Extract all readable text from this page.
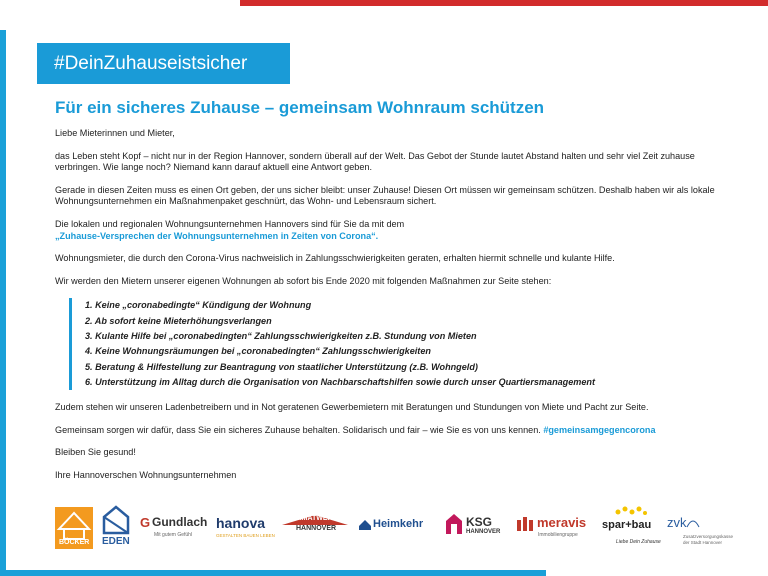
#DeinZuhauseistsicher
Für ein sicheres Zuhause – gemeinsam Wohnraum schützen

Liebe Mieterinnen und Mieter,

das Leben steht Kopf – nicht nur in der Region Hannover, sondern überall auf der Welt. Das Gebot der Stunde lautet Abstand halten und sehr viel Zeit zuhause verbringen. Wie lange noch? Niemand kann darauf aktuell eine Antwort geben.

Gerade in diesen Zeiten muss es einen Ort geben, der uns sicher bleibt: unser Zuhause! Diesen Ort müssen wir gemeinsam schützen. Deshalb haben wir als lokale Wohnungsunternehmen ein Maßnahmenpaket geschnürt, das Wohn- und Lebensraum sichert.

Die lokalen und regionalen Wohnungsunternehmen Hannovers sind für Sie da mit dem
„Zuhause-Versprechen der Wohnungsunternehmen in Zeiten von Corona“.

Wohnungsmieter, die durch den Corona-Virus nachweislich in Zahlungsschwierigkeiten geraten, erhalten hiermit schnelle und kulante Hilfe.

Wir werden den Mietern unserer eigenen Wohnungen ab sofort bis Ende 2020 mit folgenden Maßnahmen zur Seite stehen:

1. Keine „coronabedingte“ Kündigung der Wohnung
2. Ab sofort keine Mieterhöhungsverlangen
3. Kulante Hilfe bei „coronabedingten“ Zahlungsschwierigkeiten z.B. Stundung von Mieten
4. Keine Wohnungsräumungen bei „coronabedingten“ Zahlungsschwierigkeiten
5. Beratung & Hilfestellung zur Beantragung von staatlicher Unterstützung (z.B. Wohngeld)
6. Unterstützung im Alltag durch die Organisation von Nachbarschaftshilfen sowie durch unser Quartiersmanagement

Zudem stehen wir unseren Ladenbetreibern und in Not geratenen Gewerbemietern mit Beratungen und Stundungen von Miete und Pacht zur Seite.

Gemeinsam sorgen wir dafür, dass Sie ein sicheres Zuhause behalten. Solidarisch und fair – wie Sie es von uns kennen. #gemeinsamgegencorona

Bleiben Sie gesund!

Ihre Hannoverschen Wohnungsunternehmen

BÖCKER EDEN
G Gundlach
Mit gutem Gefühl
hanova
GESTALTEN BAUEN LEBEN
HEIMATWERK
HANNOVER	Heimkehr	KSG
HANNOVER
meravis
Immobiliengruppe
spar+bau
Liebe Dein Zuhause
zvk
Zusatzversorgungskasse
der Stadt Hannover
